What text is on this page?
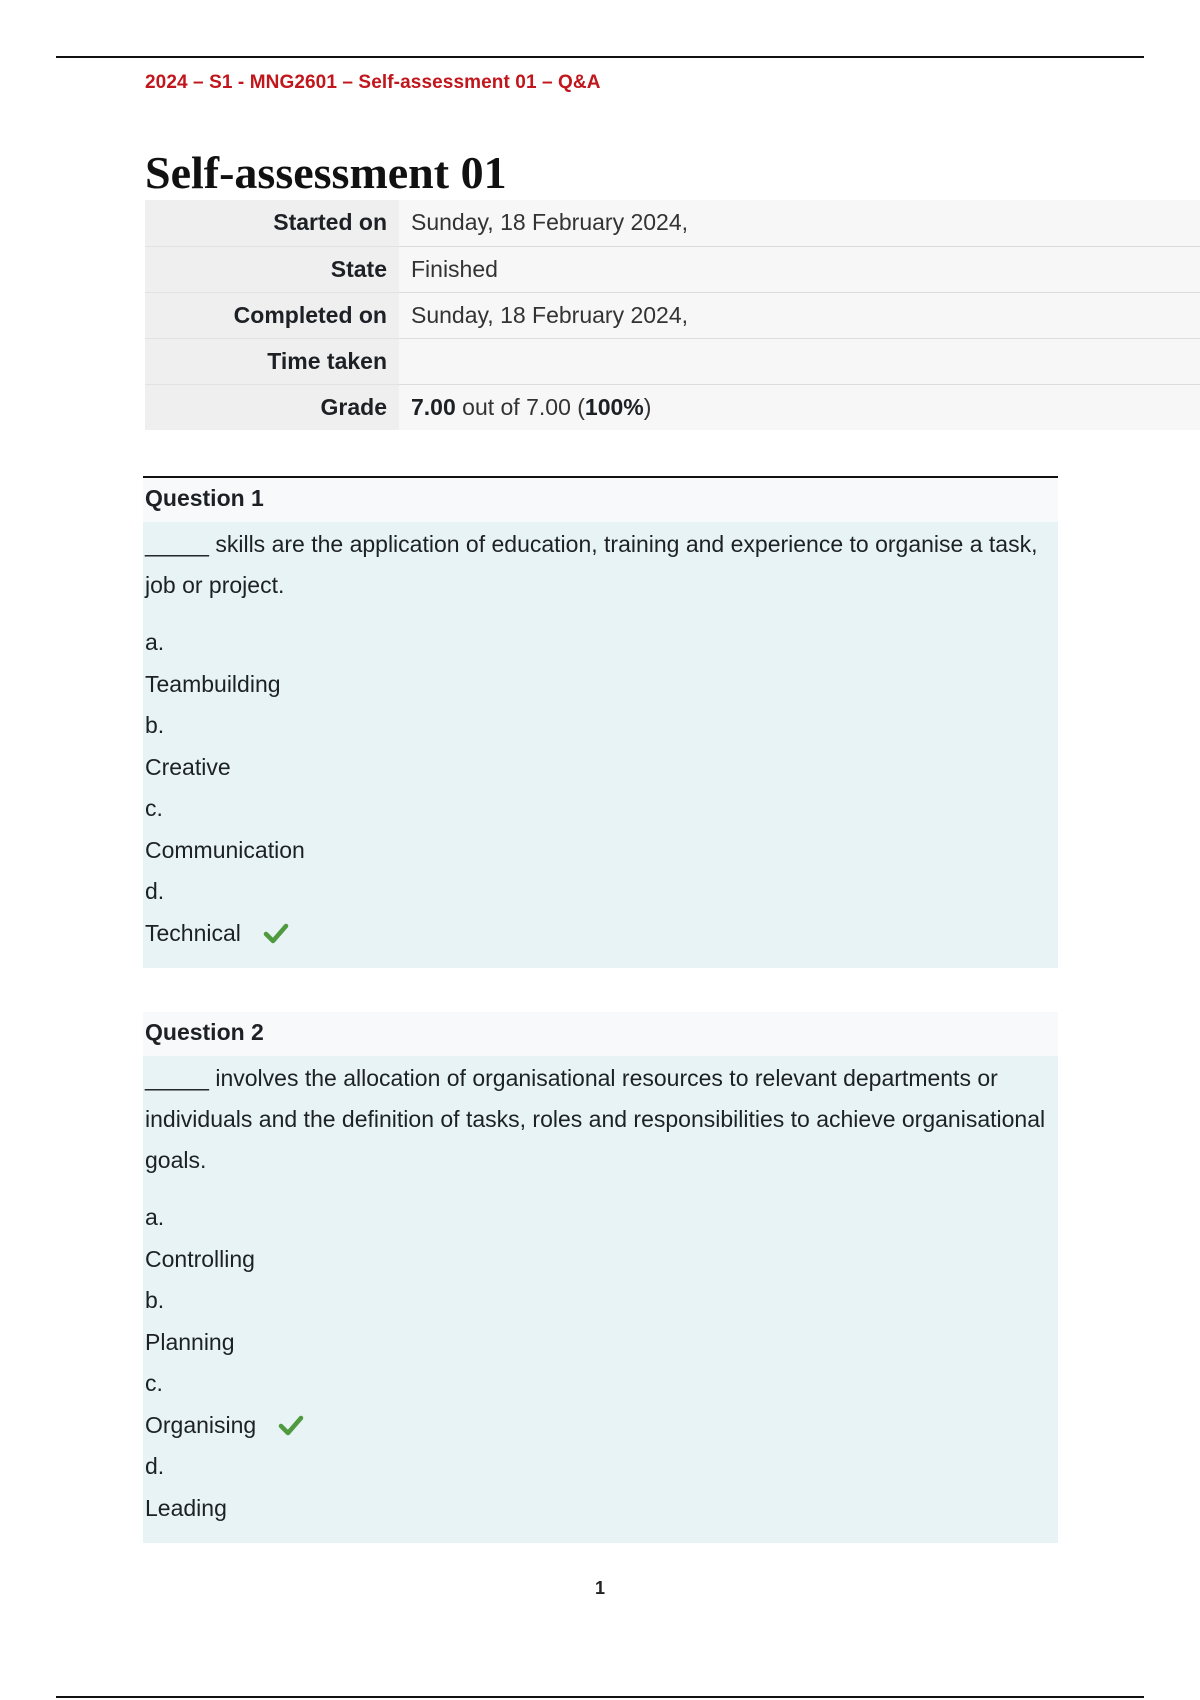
2024 – S1 - MNG2601 – Self-assessment 01 – Q&A
Self-assessment 01
Started on	Sunday, 18 February 2024,
State	Finished
Completed on	Sunday, 18 February 2024,
Time taken	
Grade	7.00 out of 7.00 (100%)
Question 1

_____ skills are the application of education, training and experience to organise a task, job or project.

a.
Teambuilding
b.
Creative
c.
Communication
d.
Technical
Question 2

_____ involves the allocation of organisational resources to relevant departments or individuals and the definition of tasks, roles and responsibilities to achieve organisational goals.

a.
Controlling
b.
Planning
c.
Organising
d.
Leading
1
